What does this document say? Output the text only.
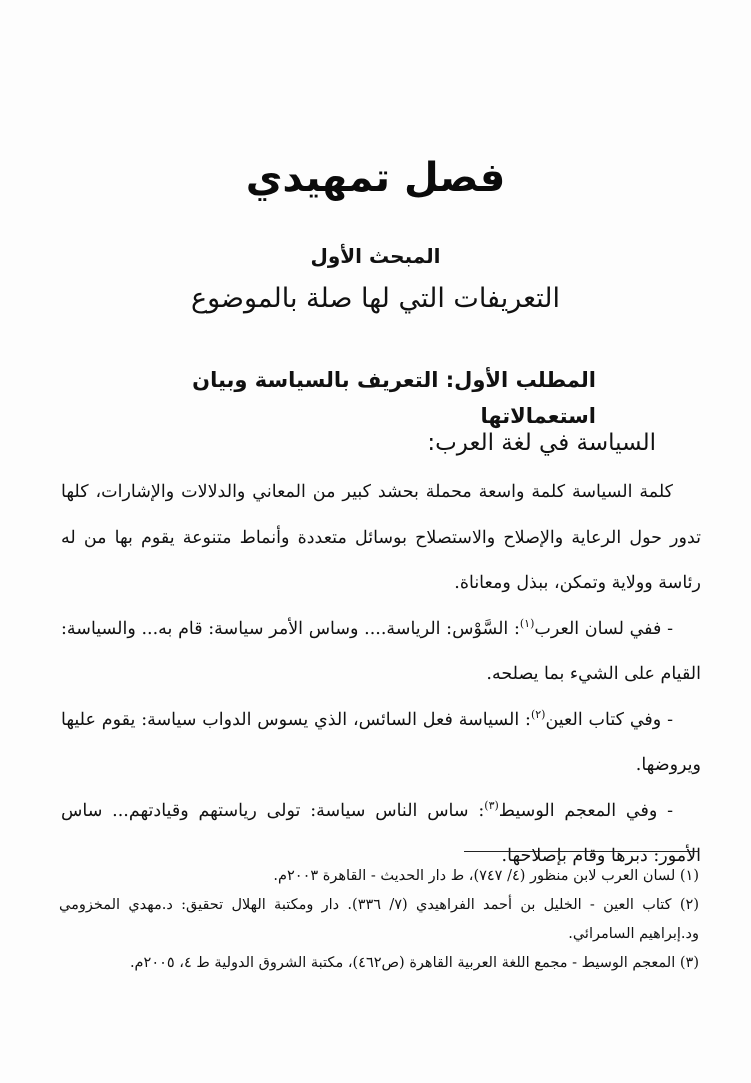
فصل تمهيدي
المبحث الأول
التعريفات التي لها صلة بالموضوع
المطلب الأول: التعريف بالسياسة وبيان استعمالاتها
السياسة في لغة العرب:

كلمة السياسة كلمة واسعة محملة بحشد كبير من المعاني والدلالات والإشارات، كلها تدور حول الرعاية والإصلاح والاستصلاح بوسائل متعددة وأنماط متنوعة يقوم بها من له رئاسة وولاية وتمكن، ببذل ومعاناة.

- ففي لسان العرب$^{(١)}$: السَّوْس: الرياسة.... وساس الأمر سياسة: قام به... والسياسة: القيام على الشيء بما يصلحه.

- وفي كتاب العين$^{(٢)}$: السياسة فعل السائس، الذي يسوس الدواب سياسة: يقوم عليها ويروضها.

- وفي المعجم الوسيط$^{(٣)}$: ساس الناس سياسة: تولى رياستهم وقيادتهم... ساس الأمور: دبرها وقام بإصلاحها.

(١) لسان العرب لابن منظور (٤/ ٧٤٧)، ط دار الحديث - القاهرة ٢٠٠٣م.

(٢) كتاب العين - الخليل بن أحمد الفراهيدي (٧/ ٣٣٦). دار ومكتبة الهلال تحقيق: د.مهدي المخزومي ود.إبراهيم السامرائي.

(٣) المعجم الوسيط - مجمع اللغة العربية القاهرة (ص٤٦٢)، مكتبة الشروق الدولية ط ٤، ٢٠٠٥م.
